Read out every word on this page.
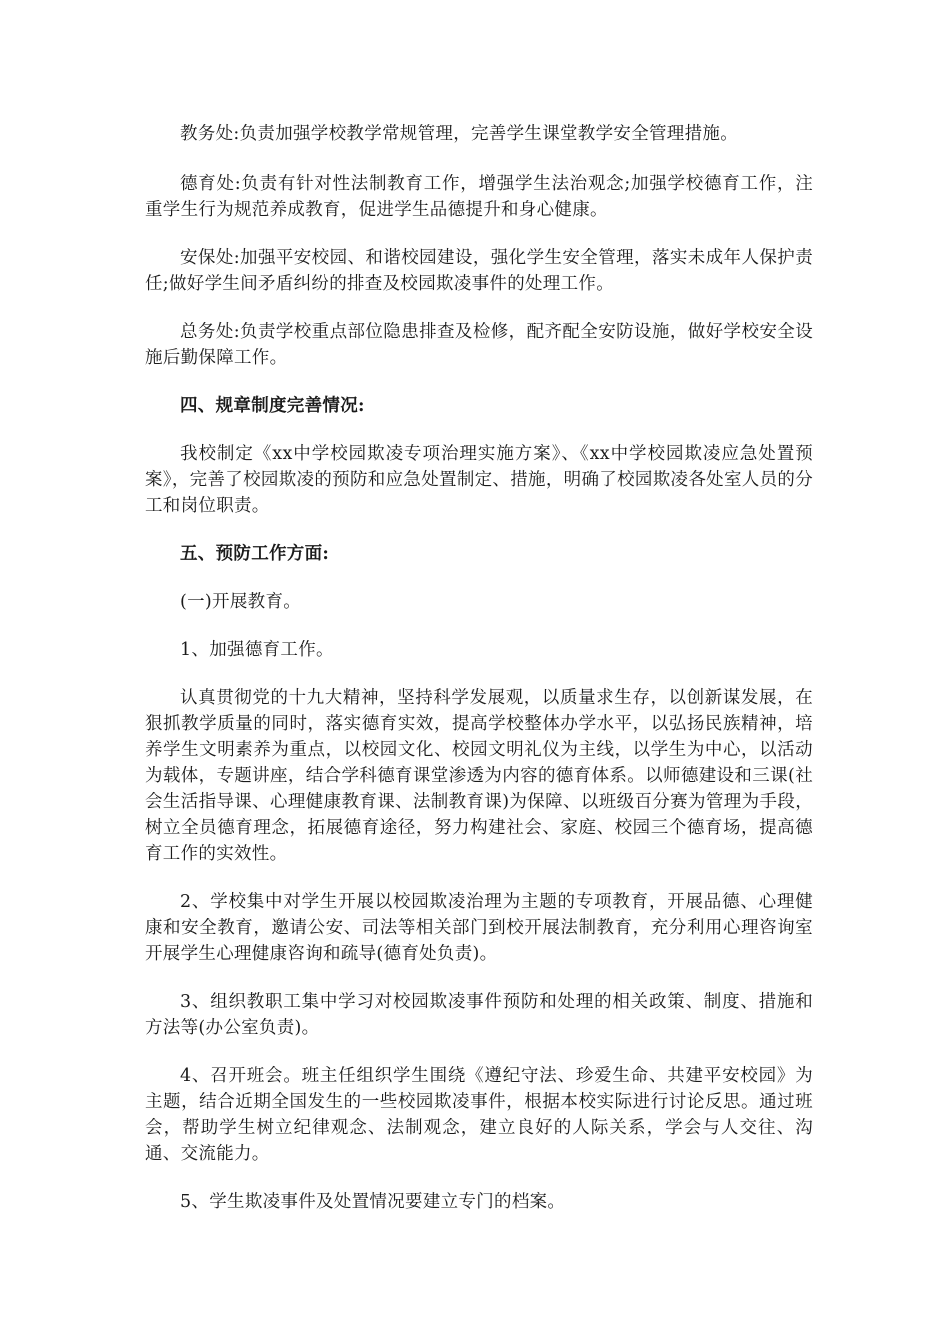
教务处:负责加强学校教学常规管理，完善学生课堂教学安全管理措施。

德育处:负责有针对性法制教育工作，增强学生法治观念;加强学校德育工作，注重学生行为规范养成教育，促进学生品德提升和身心健康。

安保处:加强平安校园、和谐校园建设，强化学生安全管理，落实未成年人保护责任;做好学生间矛盾纠纷的排查及校园欺凌事件的处理工作。

总务处:负责学校重点部位隐患排查及检修，配齐配全安防设施，做好学校安全设施后勤保障工作。

四、规章制度完善情况:

我校制定《xx中学校园欺凌专项治理实施方案》、《xx中学校园欺凌应急处置预案》，完善了校园欺凌的预防和应急处置制定、措施，明确了校园欺凌各处室人员的分工和岗位职责。

五、预防工作方面:

(一)开展教育。

1、加强德育工作。

认真贯彻党的十九大精神，坚持科学发展观，以质量求生存，以创新谋发展，在狠抓教学质量的同时，落实德育实效，提高学校整体办学水平，以弘扬民族精神，培养学生文明素养为重点，以校园文化、校园文明礼仪为主线，以学生为中心，以活动为载体，专题讲座，结合学科德育课堂渗透为内容的德育体系。以师德建设和三课(社会生活指导课、心理健康教育课、法制教育课)为保障、以班级百分赛为管理为手段，树立全员德育理念，拓展德育途径，努力构建社会、家庭、校园三个德育场，提高德育工作的实效性。

2、学校集中对学生开展以校园欺凌治理为主题的专项教育，开展品德、心理健康和安全教育，邀请公安、司法等相关部门到校开展法制教育，充分利用心理咨询室开展学生心理健康咨询和疏导(德育处负责)。

3、组织教职工集中学习对校园欺凌事件预防和处理的相关政策、制度、措施和方法等(办公室负责)。

4、召开班会。班主任组织学生围绕《遵纪守法、珍爱生命、共建平安校园》为主题，结合近期全国发生的一些校园欺凌事件，根据本校实际进行讨论反思。通过班会，帮助学生树立纪律观念、法制观念，建立良好的人际关系，学会与人交往、沟通、交流能力。

5、学生欺凌事件及处置情况要建立专门的档案。
